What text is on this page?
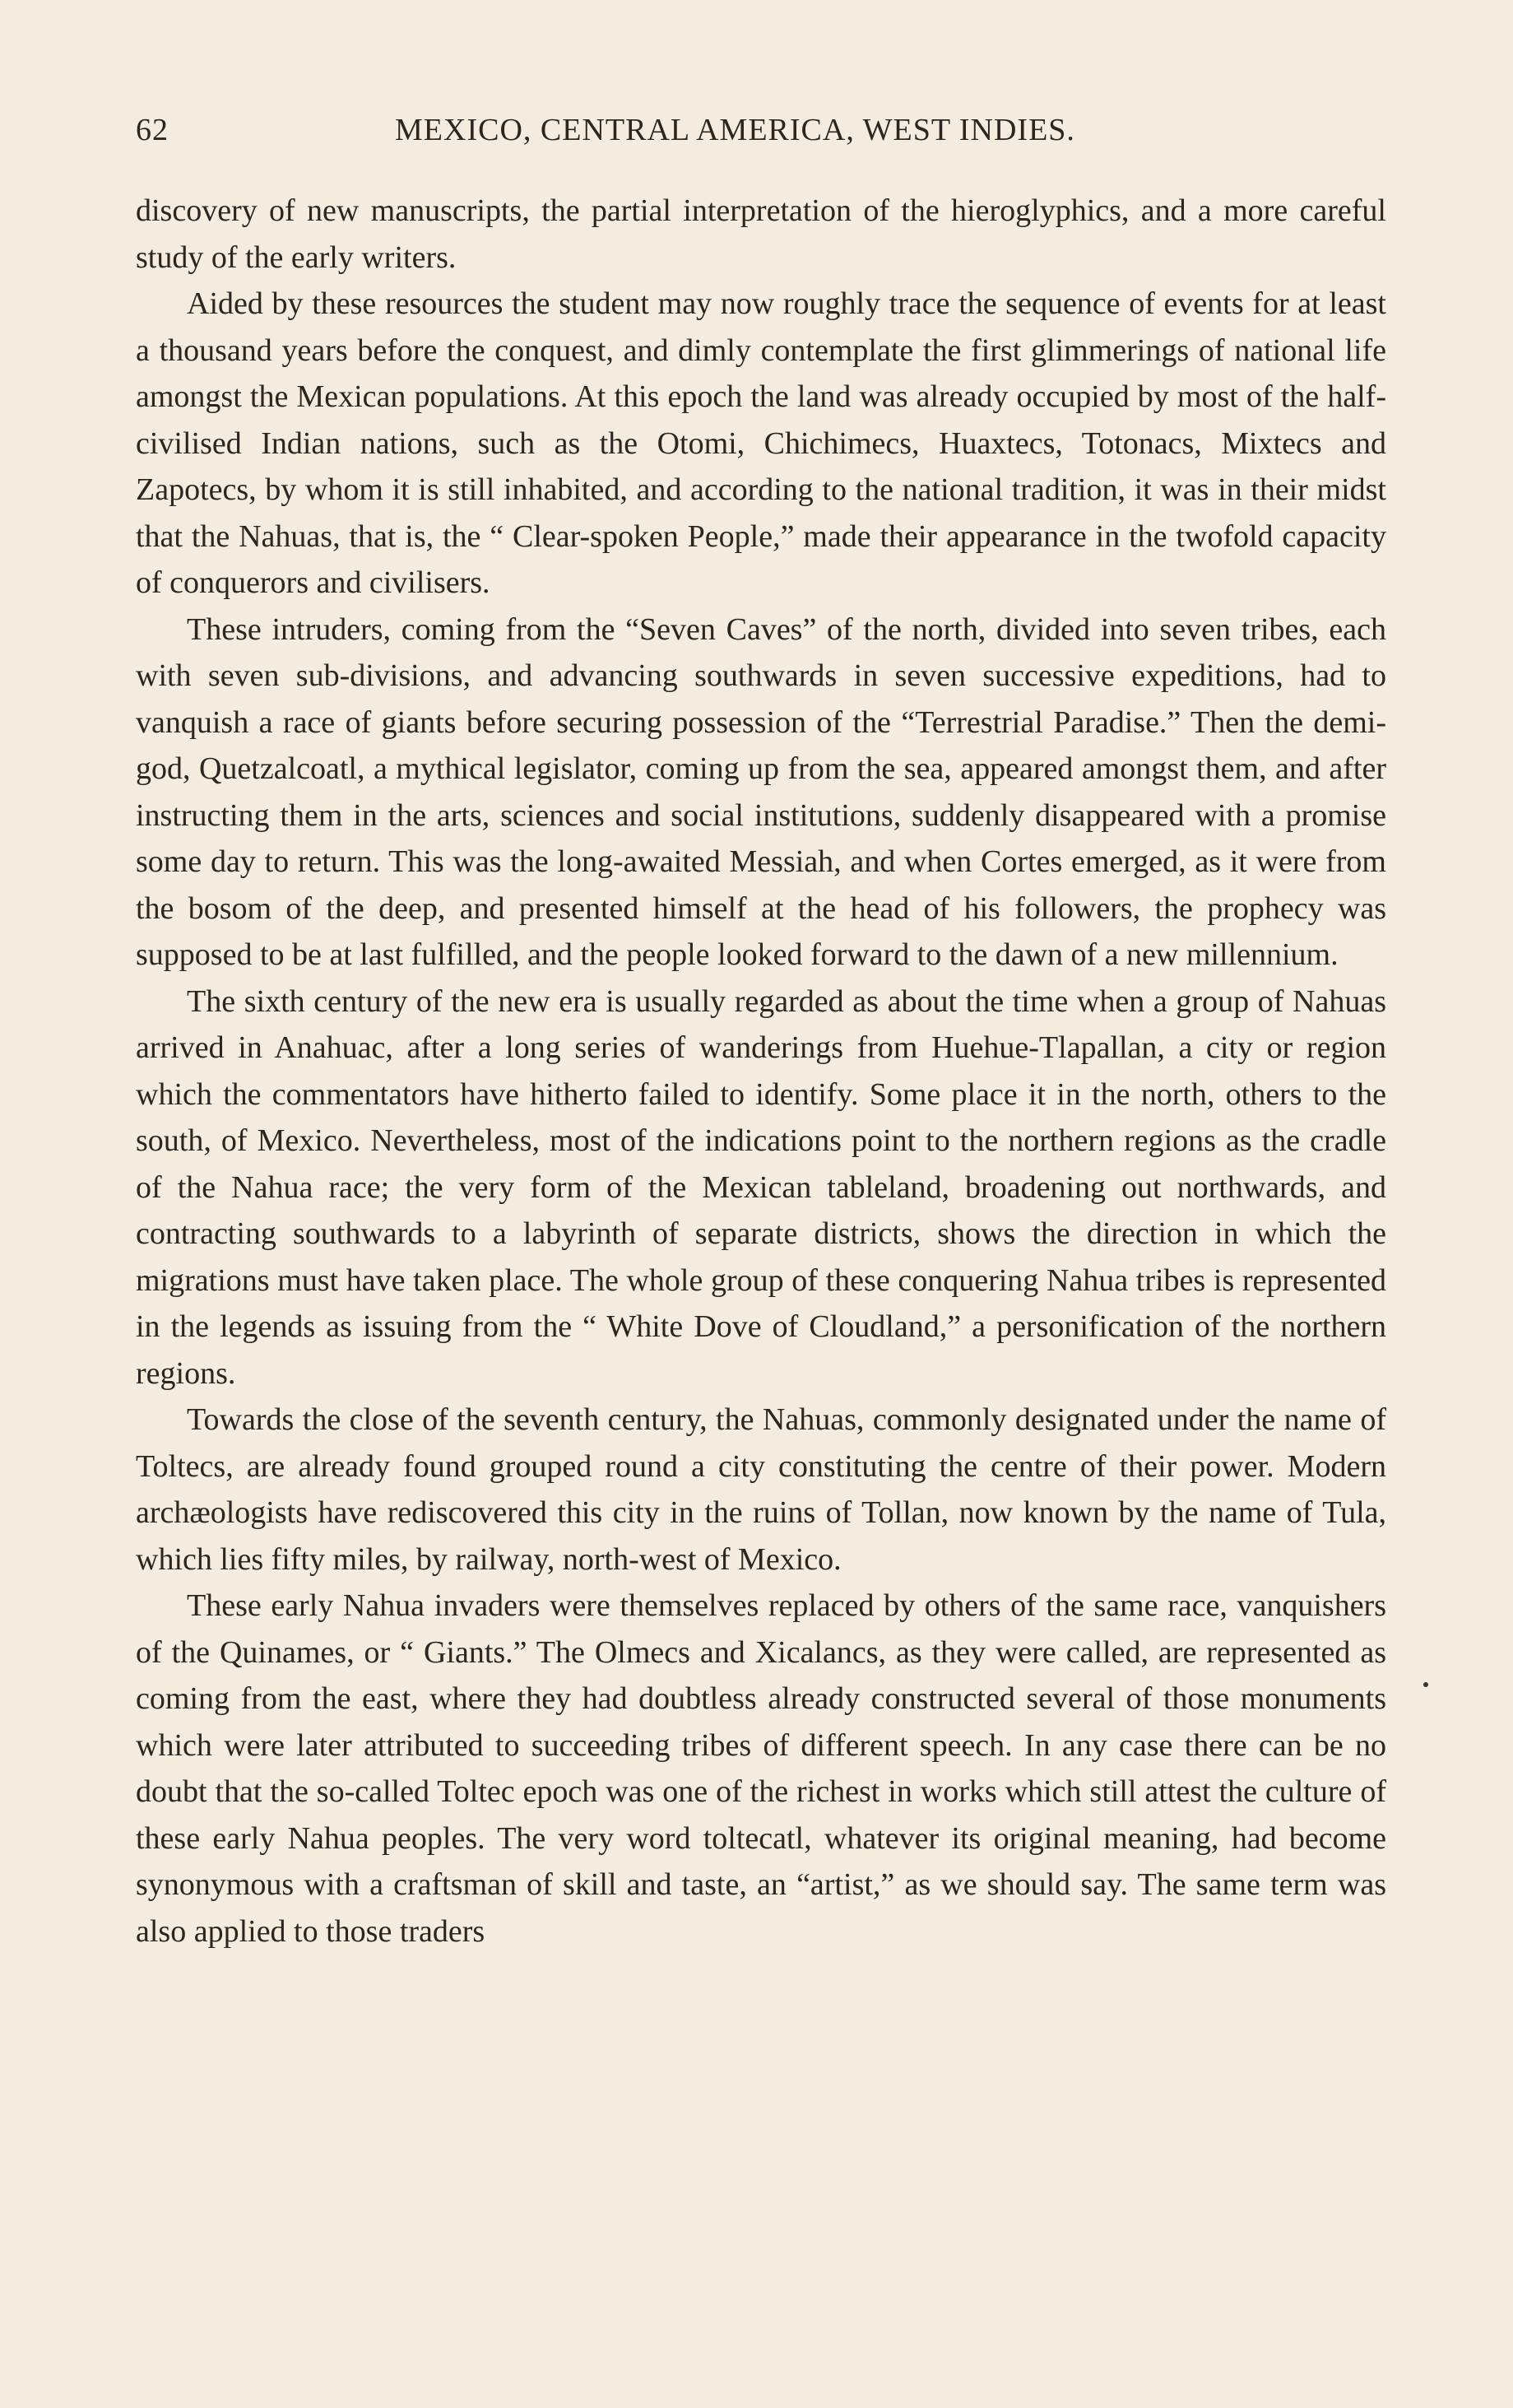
62	MEXICO, CENTRAL AMERICA, WEST INDIES.

discovery of new manuscripts, the partial interpretation of the hieroglyphics, and a more careful study of the early writers.

Aided by these resources the student may now roughly trace the sequence of events for at least a thousand years before the conquest, and dimly contemplate the first glimmerings of national life amongst the Mexican populations. At this epoch the land was already occupied by most of the half-civilised Indian nations, such as the Otomi, Chichimecs, Huaxtecs, Totonacs, Mixtecs and Zapotecs, by whom it is still inhabited, and according to the national tradition, it was in their midst that the Nahuas, that is, the “ Clear-spoken People,” made their appearance in the twofold capacity of conquerors and civilisers.

These intruders, coming from the “Seven Caves” of the north, divided into seven tribes, each with seven sub-divisions, and advancing southwards in seven successive expeditions, had to vanquish a race of giants before securing possession of the “Terrestrial Paradise.” Then the demi-god, Quetzalcoatl, a mythical legislator, coming up from the sea, appeared amongst them, and after instructing them in the arts, sciences and social institutions, suddenly disappeared with a promise some day to return. This was the long-awaited Messiah, and when Cortes emerged, as it were from the bosom of the deep, and presented himself at the head of his followers, the prophecy was supposed to be at last fulfilled, and the people looked forward to the dawn of a new millennium.

The sixth century of the new era is usually regarded as about the time when a group of Nahuas arrived in Anahuac, after a long series of wanderings from Huehue-Tlapallan, a city or region which the commentators have hitherto failed to identify. Some place it in the north, others to the south, of Mexico. Nevertheless, most of the indications point to the northern regions as the cradle of the Nahua race; the very form of the Mexican tableland, broadening out northwards, and contracting southwards to a labyrinth of separate districts, shows the direction in which the migrations must have taken place. The whole group of these conquering Nahua tribes is represented in the legends as issuing from the “ White Dove of Cloudland,” a personification of the northern regions.

Towards the close of the seventh century, the Nahuas, commonly designated under the name of Toltecs, are already found grouped round a city constituting the centre of their power. Modern archæologists have rediscovered this city in the ruins of Tollan, now known by the name of Tula, which lies fifty miles, by railway, north-west of Mexico.

These early Nahua invaders were themselves replaced by others of the same race, vanquishers of the Quinames, or “ Giants.” The Olmecs and Xicalancs, as they were called, are represented as coming from the east, where they had doubtless already constructed several of those monuments which were later attributed to succeeding tribes of different speech. In any case there can be no doubt that the so-called Toltec epoch was one of the richest in works which still attest the culture of these early Nahua peoples. The very word toltecatl, whatever its original meaning, had become synonymous with a craftsman of skill and taste, an “artist,” as we should say. The same term was also applied to those traders
